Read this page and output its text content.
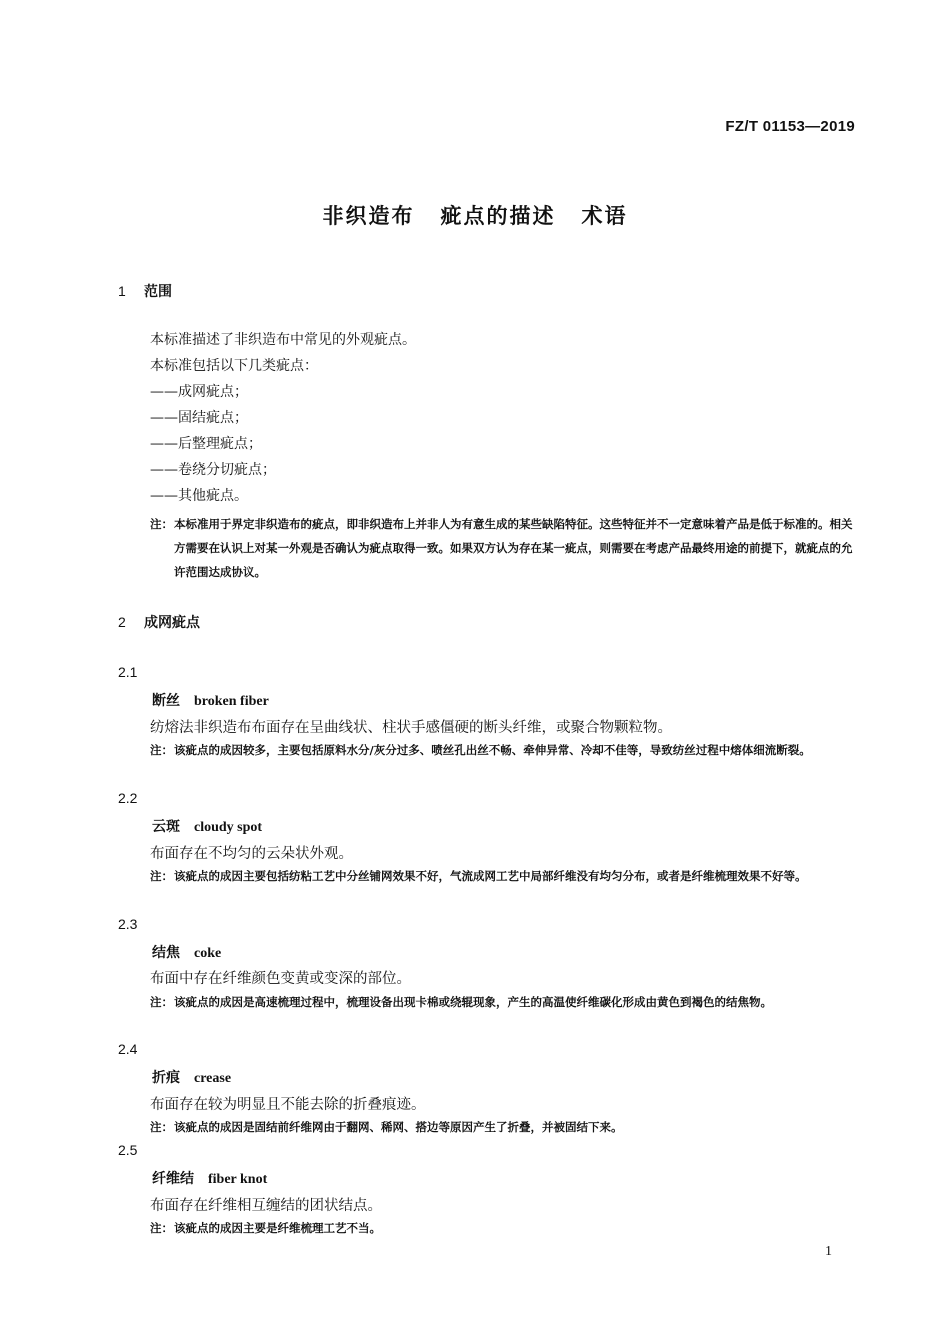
FZ/T 01153—2019
非织造布 疵点的描述 术语
1 范围
本标准描述了非织造布中常见的外观疵点。
本标准包括以下几类疵点：
——成网疵点；
——固结疵点；
——后整理疵点；
——卷绕分切疵点；
——其他疵点。
注： 本标准用于界定非织造布的疵点，即非织造布上并非人为有意生成的某些缺陷特征。这些特征并不一定意味着产品是低于标准的。相关方需要在认识上对某一外观是否确认为疵点取得一致。如果双方认为存在某一疵点，则需要在考虑产品最终用途的前提下，就疵点的允许范围达成协议。
2 成网疵点
2.1
断丝 broken fiber
纺熔法非织造布布面存在呈曲线状、柱状手感僵硬的断头纤维，或聚合物颗粒物。
注： 该疵点的成因较多，主要包括原料水分/灰分过多、喷丝孔出丝不畅、牵伸异常、冷却不佳等，导致纺丝过程中熔体细流断裂。
2.2
云斑 cloudy spot
布面存在不均匀的云朵状外观。
注： 该疵点的成因主要包括纺粘工艺中分丝铺网效果不好，气流成网工艺中局部纤维没有均匀分布，或者是纤维梳理效果不好等。
2.3
结焦 coke
布面中存在纤维颜色变黄或变深的部位。
注： 该疵点的成因是高速梳理过程中，梳理设备出现卡棉或绕辊现象，产生的高温使纤维碳化形成由黄色到褐色的结焦物。
2.4
折痕 crease
布面存在较为明显且不能去除的折叠痕迹。
注： 该疵点的成因是固结前纤维网由于翻网、稀网、搭边等原因产生了折叠，并被固结下来。
2.5
纤维结 fiber knot
布面存在纤维相互缠结的团状结点。
注： 该疵点的成因主要是纤维梳理工艺不当。
1
